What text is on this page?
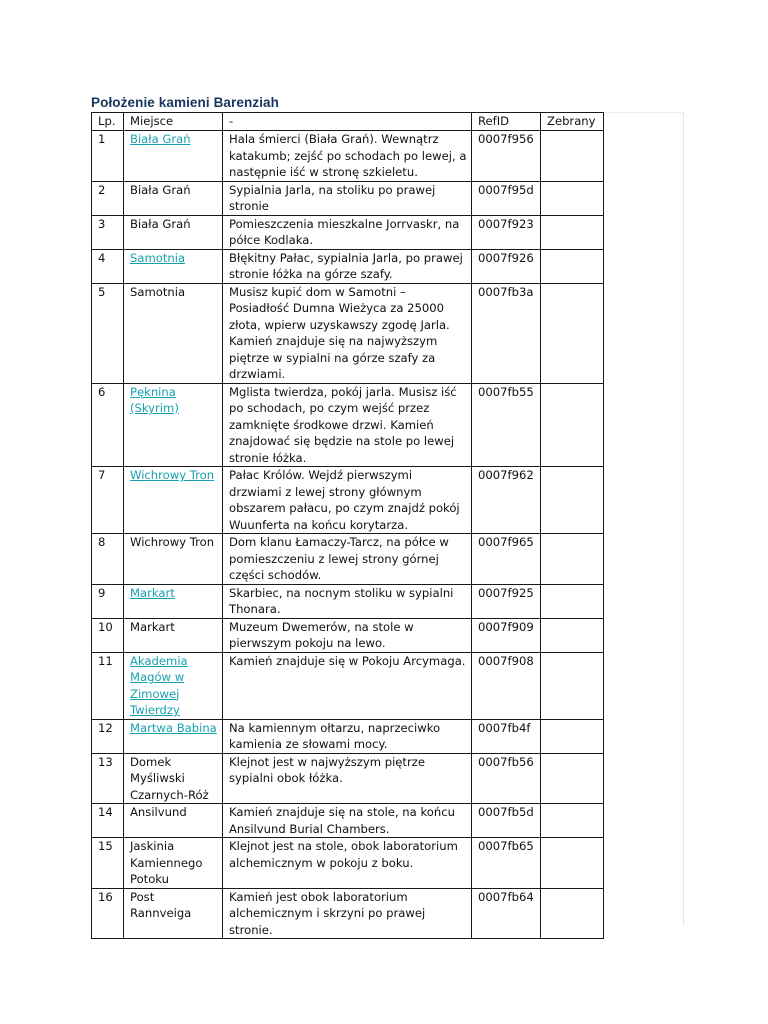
Położenie kamieni Barenziah
Lp.	Miejsce	-	RefID	Zebrany
1	Biała Grań	Hala śmierci (Biała Grań). Wewnątrz katakumb; zejść po schodach po lewej, a następnie iść w stronę szkieletu.	0007f956	
2	Biała Grań	Sypialnia Jarla, na stoliku po prawej stronie	0007f95d	
3	Biała Grań	Pomieszczenia mieszkalne Jorrvaskr, na półce Kodlaka.	0007f923	
4	Samotnia	Błękitny Pałac, sypialnia Jarla, po prawej stronie łóżka na górze szafy.	0007f926	
5	Samotnia	Musisz kupić dom w Samotni – Posiadłość Dumna Wieżyca za 25000 złota, wpierw uzyskawszy zgodę Jarla. Kamień znajduje się na najwyższym piętrze w sypialni na górze szafy za drzwiami.	0007fb3a	
6	Pęknina (Skyrim)	Mglista twierdza, pokój jarla. Musisz iść po schodach, po czym wejść przez zamknięte środkowe drzwi. Kamień znajdować się będzie na stole po lewej stronie łóżka.	0007fb55	
7	Wichrowy Tron	Pałac Królów. Wejdź pierwszymi drzwiami z lewej strony głównym obszarem pałacu, po czym znajdź pokój Wuunferta na końcu korytarza.	0007f962	
8	Wichrowy Tron	Dom klanu Łamaczy-Tarcz, na półce w pomieszczeniu z lewej strony górnej części schodów.	0007f965	
9	Markart	Skarbiec, na nocnym stoliku w sypialni Thonara.	0007f925	
10	Markart	Muzeum Dwemerów, na stole w pierwszym pokoju na lewo.	0007f909	
11	Akademia Magów w Zimowej Twierdzy	Kamień znajduje się w Pokoju Arcymaga.	0007f908	
12	Martwa Babina	Na kamiennym ołtarzu, naprzeciwko kamienia ze słowami mocy.	0007fb4f	
13	Domek Myśliwski Czarnych-Róż	Klejnot jest w najwyższym piętrze sypialni obok łóżka.	0007fb56	
14	Ansilvund	Kamień znajduje się na stole, na końcu Ansilvund Burial Chambers.	0007fb5d	
15	Jaskinia Kamiennego Potoku	Klejnot jest na stole, obok laboratorium alchemicznym w pokoju z boku.	0007fb65	
16	Post Rannveiga	Kamień jest obok laboratorium alchemicznym i skrzyni po prawej stronie.	0007fb64	
